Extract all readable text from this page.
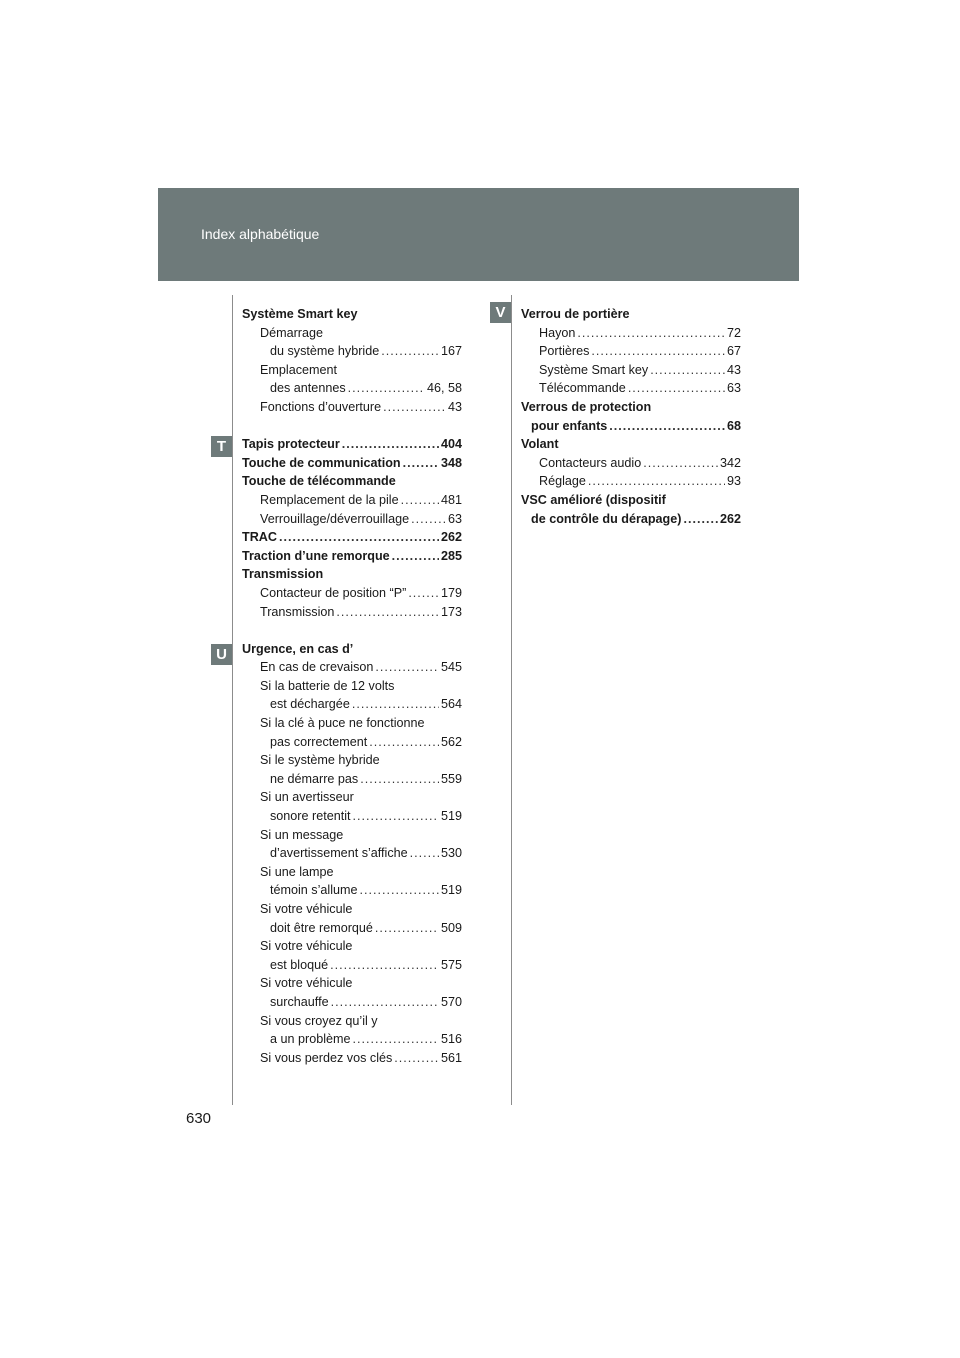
Index alphabétique
T
U
V
Système Smart key
Démarrage
du système hybride .....	167
Emplacement
des antennes .....	46, 58
Fonctions d’ouverture .....	43
Tapis protecteur .....	404
Touche de communication .....	348
Touche de télécommande
Remplacement de la pile .....	481
Verrouillage/déverrouillage .....	63
TRAC .....	262
Traction d’une remorque .....	285
Transmission
Contacteur de position “P” .....	179
Transmission .....	173
Urgence, en cas d’
En cas de crevaison .....	545
Si la batterie de 12 volts
est déchargée .....	564
Si la clé à puce ne fonctionne
pas correctement .....	562
Si le système hybride
ne démarre pas .....	559
Si un avertisseur
sonore retentit .....	519
Si un message
d’avertissement s’affiche .....	530
Si une lampe
témoin s’allume .....	519
Si votre véhicule
doit être remorqué .....	509
Si votre véhicule
est bloqué .....	575
Si votre véhicule
surchauffe .....	570
Si vous croyez qu’il y
a un problème .....	516
Si vous perdez vos clés .....	561
Verrou de portière
Hayon .....	72
Portières .....	67
Système Smart key .....	43
Télécommande .....	63
Verrous de protection
pour enfants .....	68
Volant
Contacteurs audio .....	342
Réglage .....	93
VSC amélioré (dispositif
de contrôle du dérapage) .....	262
630
